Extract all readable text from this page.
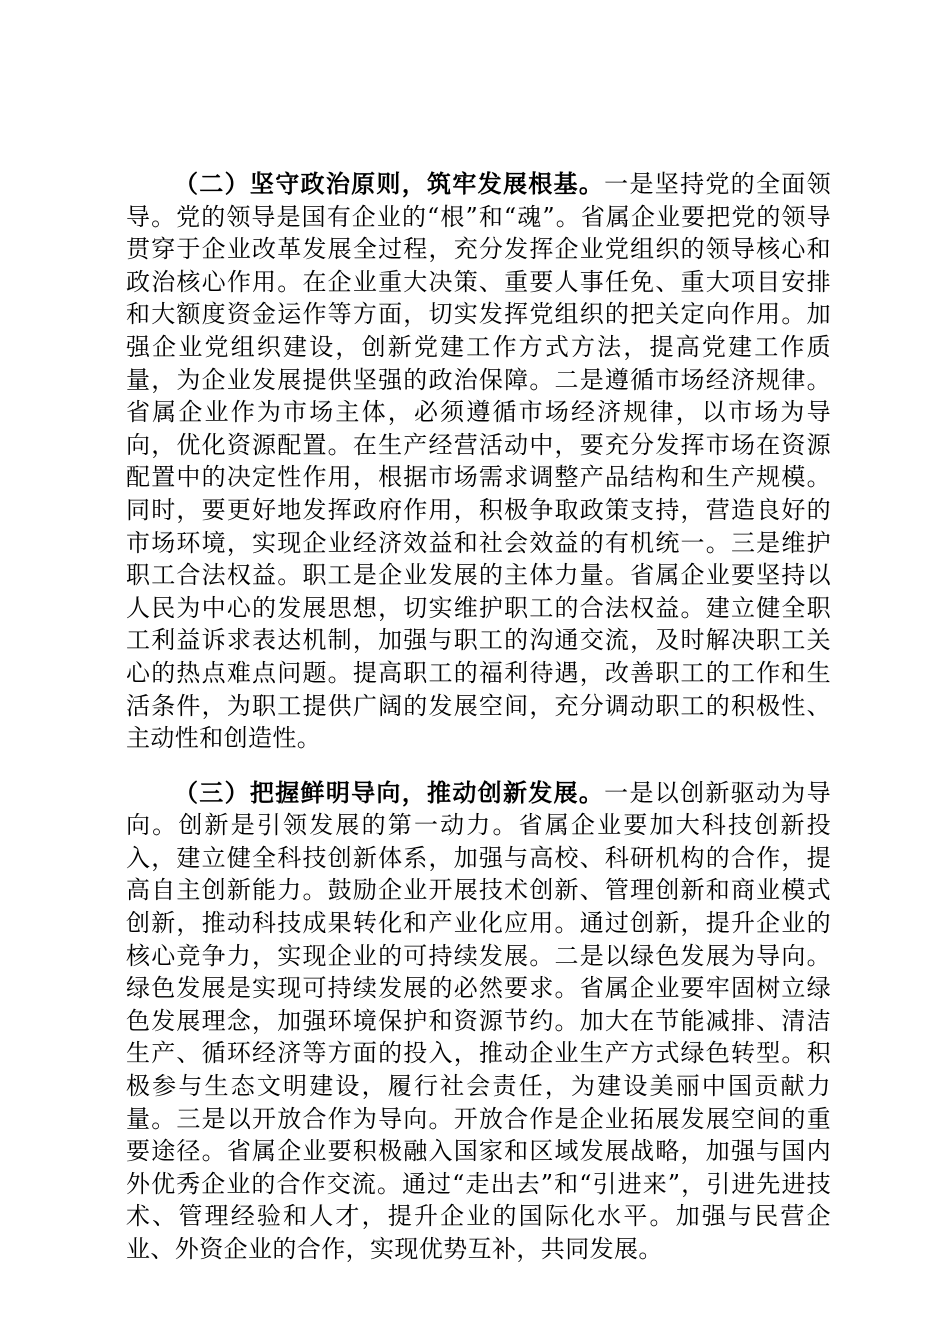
（二）坚守政治原则，筑牢发展根基。一是坚持党的全面领导。党的领导是国有企业的“根”和“魂”。省属企业要把党的领导贯穿于企业改革发展全过程，充分发挥企业党组织的领导核心和政治核心作用。在企业重大决策、重要人事任免、重大项目安排和大额度资金运作等方面，切实发挥党组织的把关定向作用。加强企业党组织建设，创新党建工作方式方法，提高党建工作质量，为企业发展提供坚强的政治保障。二是遵循市场经济规律。省属企业作为市场主体，必须遵循市场经济规律，以市场为导向，优化资源配置。在生产经营活动中，要充分发挥市场在资源配置中的决定性作用，根据市场需求调整产品结构和生产规模。同时，要更好地发挥政府作用，积极争取政策支持，营造良好的市场环境，实现企业经济效益和社会效益的有机统一。三是维护职工合法权益。职工是企业发展的主体力量。省属企业要坚持以人民为中心的发展思想，切实维护职工的合法权益。建立健全职工利益诉求表达机制，加强与职工的沟通交流，及时解决职工关心的热点难点问题。提高职工的福利待遇，改善职工的工作和生活条件，为职工提供广阔的发展空间，充分调动职工的积极性、主动性和创造性。

（三）把握鲜明导向，推动创新发展。一是以创新驱动为导向。创新是引领发展的第一动力。省属企业要加大科技创新投入，建立健全科技创新体系，加强与高校、科研机构的合作，提高自主创新能力。鼓励企业开展技术创新、管理创新和商业模式创新，推动科技成果转化和产业化应用。通过创新，提升企业的核心竞争力，实现企业的可持续发展。二是以绿色发展为导向。绿色发展是实现可持续发展的必然要求。省属企业要牢固树立绿色发展理念，加强环境保护和资源节约。加大在节能减排、清洁生产、循环经济等方面的投入，推动企业生产方式绿色转型。积极参与生态文明建设，履行社会责任，为建设美丽中国贡献力量。三是以开放合作为导向。开放合作是企业拓展发展空间的重要途径。省属企业要积极融入国家和区域发展战略，加强与国内外优秀企业的合作交流。通过“走出去”和“引进来”，引进先进技术、管理经验和人才，提升企业的国际化水平。加强与民营企业、外资企业的合作，实现优势互补，共同发展。
